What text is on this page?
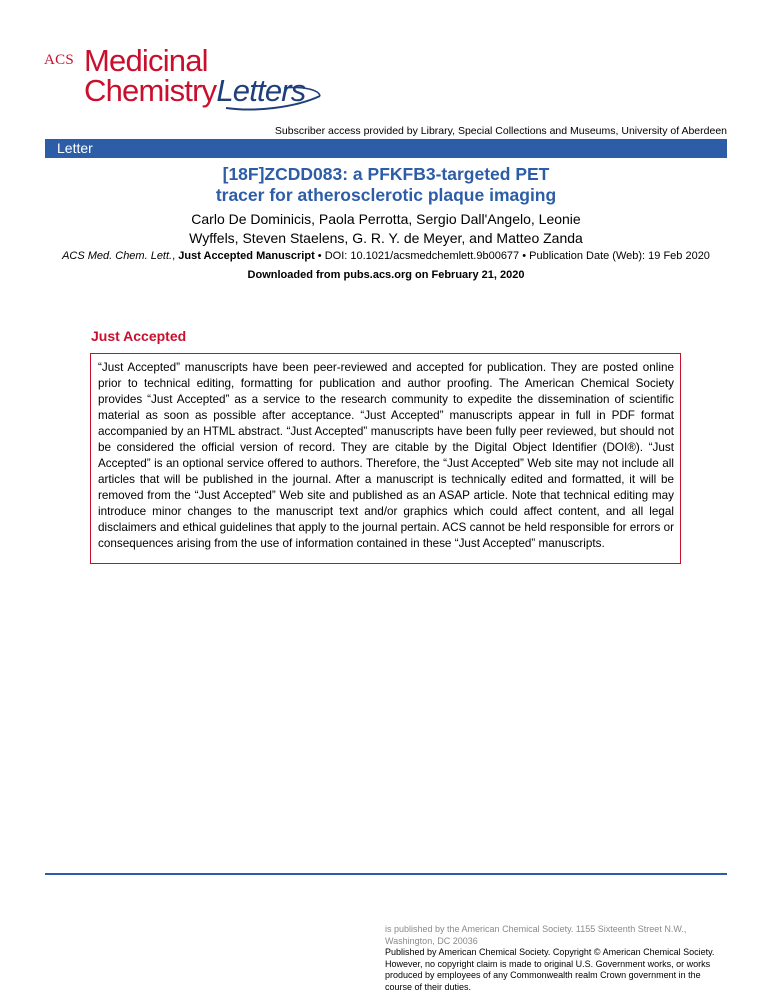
ACS Medicinal
ChemistryLetters
Subscriber access provided by Library, Special Collections and Museums, University of Aberdeen
Letter
[18F]ZCDD083: a PFKFB3-targeted PET
tracer for atherosclerotic plaque imaging
Carlo De Dominicis, Paola Perrotta, Sergio Dall'Angelo, Leonie
Wyffels, Steven Staelens, G. R. Y. de Meyer, and Matteo Zanda
ACS Med. Chem. Lett., Just Accepted Manuscript • DOI: 10.1021/acsmedchemlett.9b00677 • Publication Date (Web): 19 Feb 2020
Downloaded from pubs.acs.org on February 21, 2020
Just Accepted
“Just Accepted” manuscripts have been peer-reviewed and accepted for publication. They are posted online prior to technical editing, formatting for publication and author proofing. The American Chemical Society provides “Just Accepted” as a service to the research community to expedite the dissemination of scientific material as soon as possible after acceptance. “Just Accepted” manuscripts appear in full in PDF format accompanied by an HTML abstract. “Just Accepted” manuscripts have been fully peer reviewed, but should not be considered the official version of record. They are citable by the Digital Object Identifier (DOI®). “Just Accepted” is an optional service offered to authors. Therefore, the “Just Accepted” Web site may not include all articles that will be published in the journal. After a manuscript is technically edited and formatted, it will be removed from the “Just Accepted” Web site and published as an ASAP article. Note that technical editing may introduce minor changes to the manuscript text and/or graphics which could affect content, and all legal disclaimers and ethical guidelines that apply to the journal pertain. ACS cannot be held responsible for errors or consequences arising from the use of information contained in these “Just Accepted” manuscripts.
is published by the American Chemical Society. 1155 Sixteenth Street N.W.,
Washington, DC 20036
Published by American Chemical Society. Copyright © American Chemical Society. However, no copyright claim is made to original U.S. Government works, or works produced by employees of any Commonwealth realm Crown government in the course of their duties.
